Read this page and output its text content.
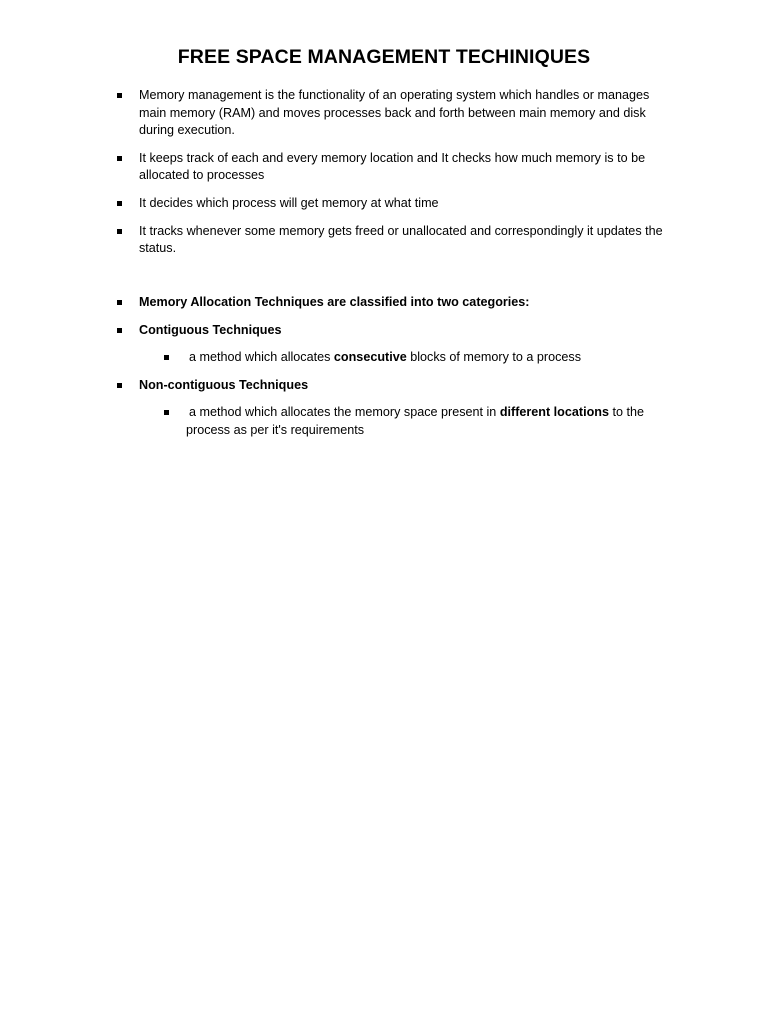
FREE SPACE MANAGEMENT TECHINIQUES
Memory management is the functionality of an operating system which handles or manages main memory (RAM) and moves processes back and forth between main memory and disk during execution.
It keeps track of each and every memory location and It checks how much memory is to be allocated to processes
It decides which process will get memory at what time
It tracks whenever some memory gets freed or unallocated and correspondingly it updates the status.
Memory Allocation Techniques are classified into two categories:
Contiguous Techniques
a method which allocates consecutive blocks of memory to a process
Non-contiguous Techniques
a method which allocates the memory space present in different locations to the process as per it's requirements
